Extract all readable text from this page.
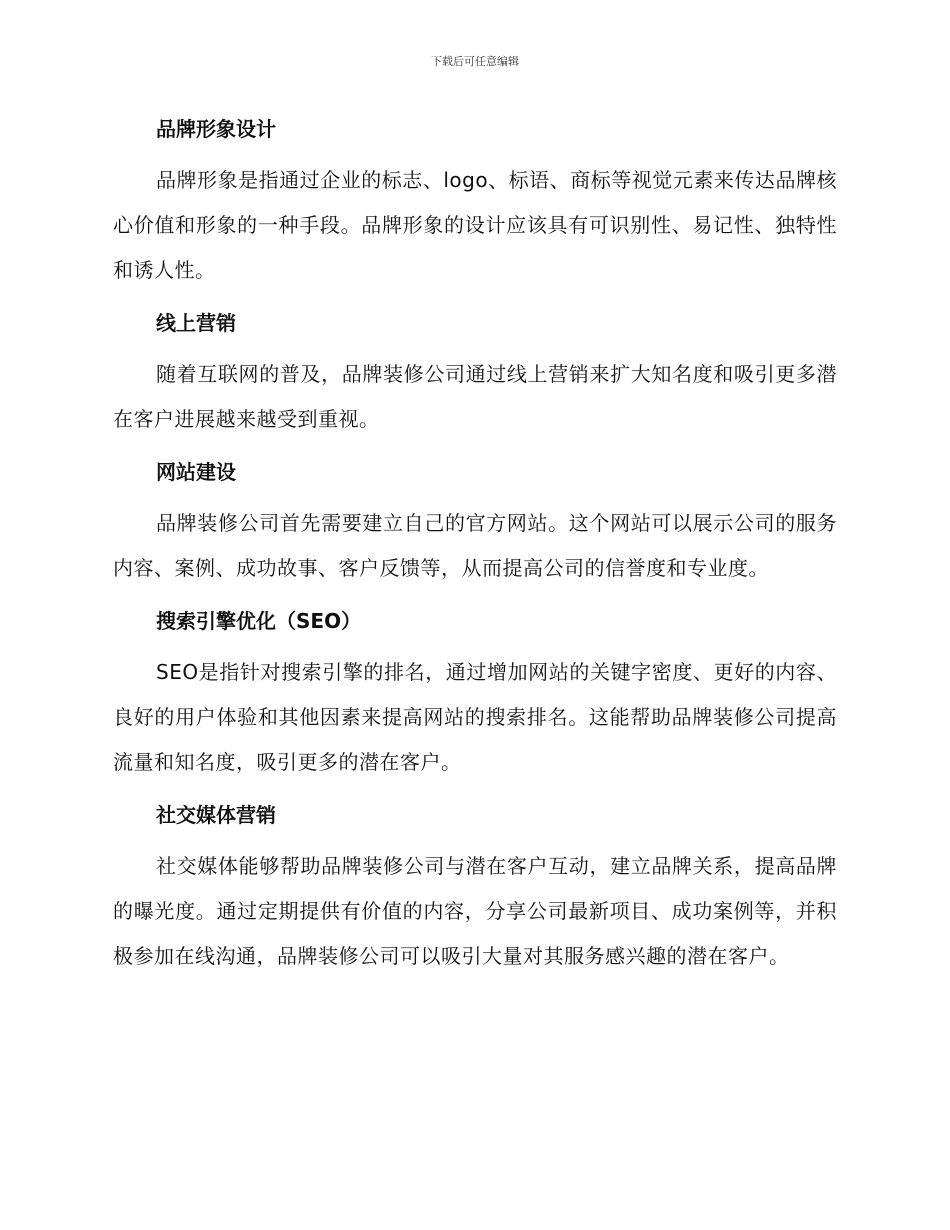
下载后可任意编辑
品牌形象设计
品牌形象是指通过企业的标志、logo、标语、商标等视觉元素来传达品牌核心价值和形象的一种手段。品牌形象的设计应该具有可识别性、易记性、独特性和诱人性。
线上营销
随着互联网的普及，品牌装修公司通过线上营销来扩大知名度和吸引更多潜在客户进展越来越受到重视。
网站建设
品牌装修公司首先需要建立自己的官方网站。这个网站可以展示公司的服务内容、案例、成功故事、客户反馈等，从而提高公司的信誉度和专业度。
搜索引擎优化（SEO）
SEO是指针对搜索引擎的排名，通过增加网站的关键字密度、更好的内容、良好的用户体验和其他因素来提高网站的搜索排名。这能帮助品牌装修公司提高流量和知名度，吸引更多的潜在客户。
社交媒体营销
社交媒体能够帮助品牌装修公司与潜在客户互动，建立品牌关系，提高品牌的曝光度。通过定期提供有价值的内容，分享公司最新项目、成功案例等，并积极参加在线沟通，品牌装修公司可以吸引大量对其服务感兴趣的潜在客户。
